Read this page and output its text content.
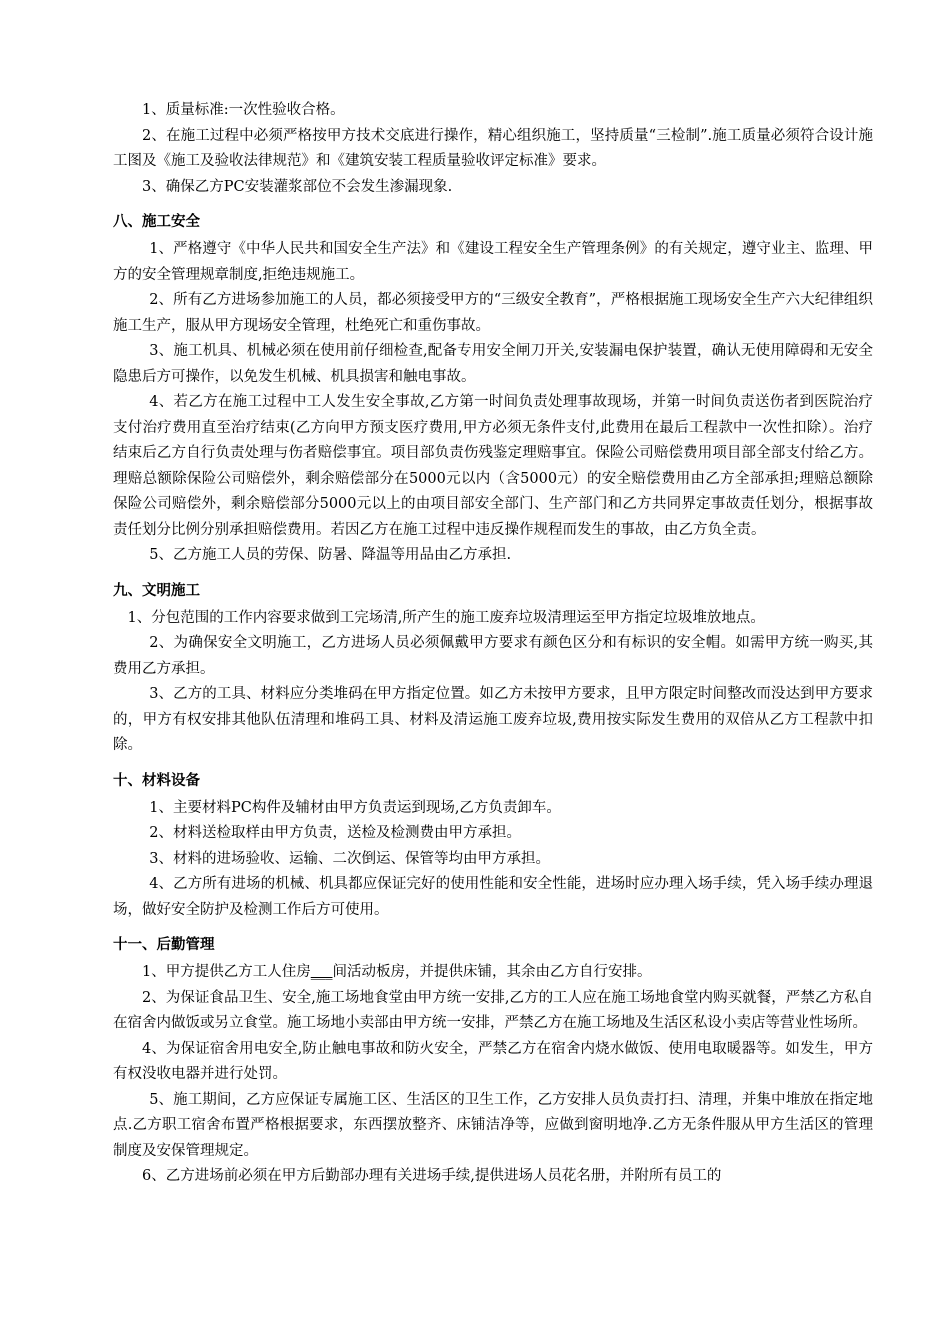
1、质量标准:一次性验收合格。

2、在施工过程中必须严格按甲方技术交底进行操作，精心组织施工，坚持质量“三检制”.施工质量必须符合设计施工图及《施工及验收法律规范》和《建筑安装工程质量验收评定标准》要求。

3、确保乙方PC安装灌浆部位不会发生渗漏现象.

八、施工安全

1、严格遵守《中华人民共和国安全生产法》和《建设工程安全生产管理条例》的有关规定，遵守业主、监理、甲方的安全管理规章制度,拒绝违规施工。

2、所有乙方进场参加施工的人员，都必须接受甲方的“三级安全教育”，严格根据施工现场安全生产六大纪律组织施工生产，服从甲方现场安全管理，杜绝死亡和重伤事故。

3、施工机具、机械必须在使用前仔细检查,配备专用安全闸刀开关,安装漏电保护装置，确认无使用障碍和无安全隐患后方可操作，以免发生机械、机具损害和触电事故。

4、若乙方在施工过程中工人发生安全事故,乙方第一时间负责处理事故现场，并第一时间负责送伤者到医院治疗支付治疗费用直至治疗结束(乙方向甲方预支医疗费用,甲方必须无条件支付,此费用在最后工程款中一次性扣除）。治疗结束后乙方自行负责处理与伤者赔偿事宜。项目部负责伤残鉴定理赔事宜。保险公司赔偿费用项目部全部支付给乙方。理赔总额除保险公司赔偿外，剩余赔偿部分在5000元以内（含5000元）的安全赔偿费用由乙方全部承担;理赔总额除保险公司赔偿外，剩余赔偿部分5000元以上的由项目部安全部门、生产部门和乙方共同界定事故责任划分，根据事故责任划分比例分别承担赔偿费用。若因乙方在施工过程中违反操作规程而发生的事故，由乙方负全责。

5、乙方施工人员的劳保、防暑、降温等用品由乙方承担.

九、文明施工

1、分包范围的工作内容要求做到工完场清,所产生的施工废弃垃圾清理运至甲方指定垃圾堆放地点。

2、为确保安全文明施工，乙方进场人员必须佩戴甲方要求有颜色区分和有标识的安全帽。如需甲方统一购买,其费用乙方承担。

3、乙方的工具、材料应分类堆码在甲方指定位置。如乙方未按甲方要求，且甲方限定时间整改而没达到甲方要求的，甲方有权安排其他队伍清理和堆码工具、材料及清运施工废弃垃圾,费用按实际发生费用的双倍从乙方工程款中扣除。

十、材料设备

1、主要材料PC构件及辅材由甲方负责运到现场,乙方负责卸车。

2、材料送检取样由甲方负责，送检及检测费由甲方承担。

3、材料的进场验收、运输、二次倒运、保管等均由甲方承担。

4、乙方所有进场的机械、机具都应保证完好的使用性能和安全性能，进场时应办理入场手续，凭入场手续办理退场，做好安全防护及检测工作后方可使用。

十一、后勤管理

1、甲方提供乙方工人住房___间活动板房，并提供床铺，其余由乙方自行安排。

2、为保证食品卫生、安全,施工场地食堂由甲方统一安排,乙方的工人应在施工场地食堂内购买就餐，严禁乙方私自在宿舍内做饭或另立食堂。施工场地小卖部由甲方统一安排，严禁乙方在施工场地及生活区私设小卖店等营业性场所。

4、为保证宿舍用电安全,防止触电事故和防火安全，严禁乙方在宿舍内烧水做饭、使用电取暖器等。如发生，甲方有权没收电器并进行处罚。

5、施工期间，乙方应保证专属施工区、生活区的卫生工作，乙方安排人员负责打扫、清理，并集中堆放在指定地点.乙方职工宿舍布置严格根据要求，东西摆放整齐、床铺洁净等，应做到窗明地净.乙方无条件服从甲方生活区的管理制度及安保管理规定。

6、乙方进场前必须在甲方后勤部办理有关进场手续,提供进场人员花名册，并附所有员工的
